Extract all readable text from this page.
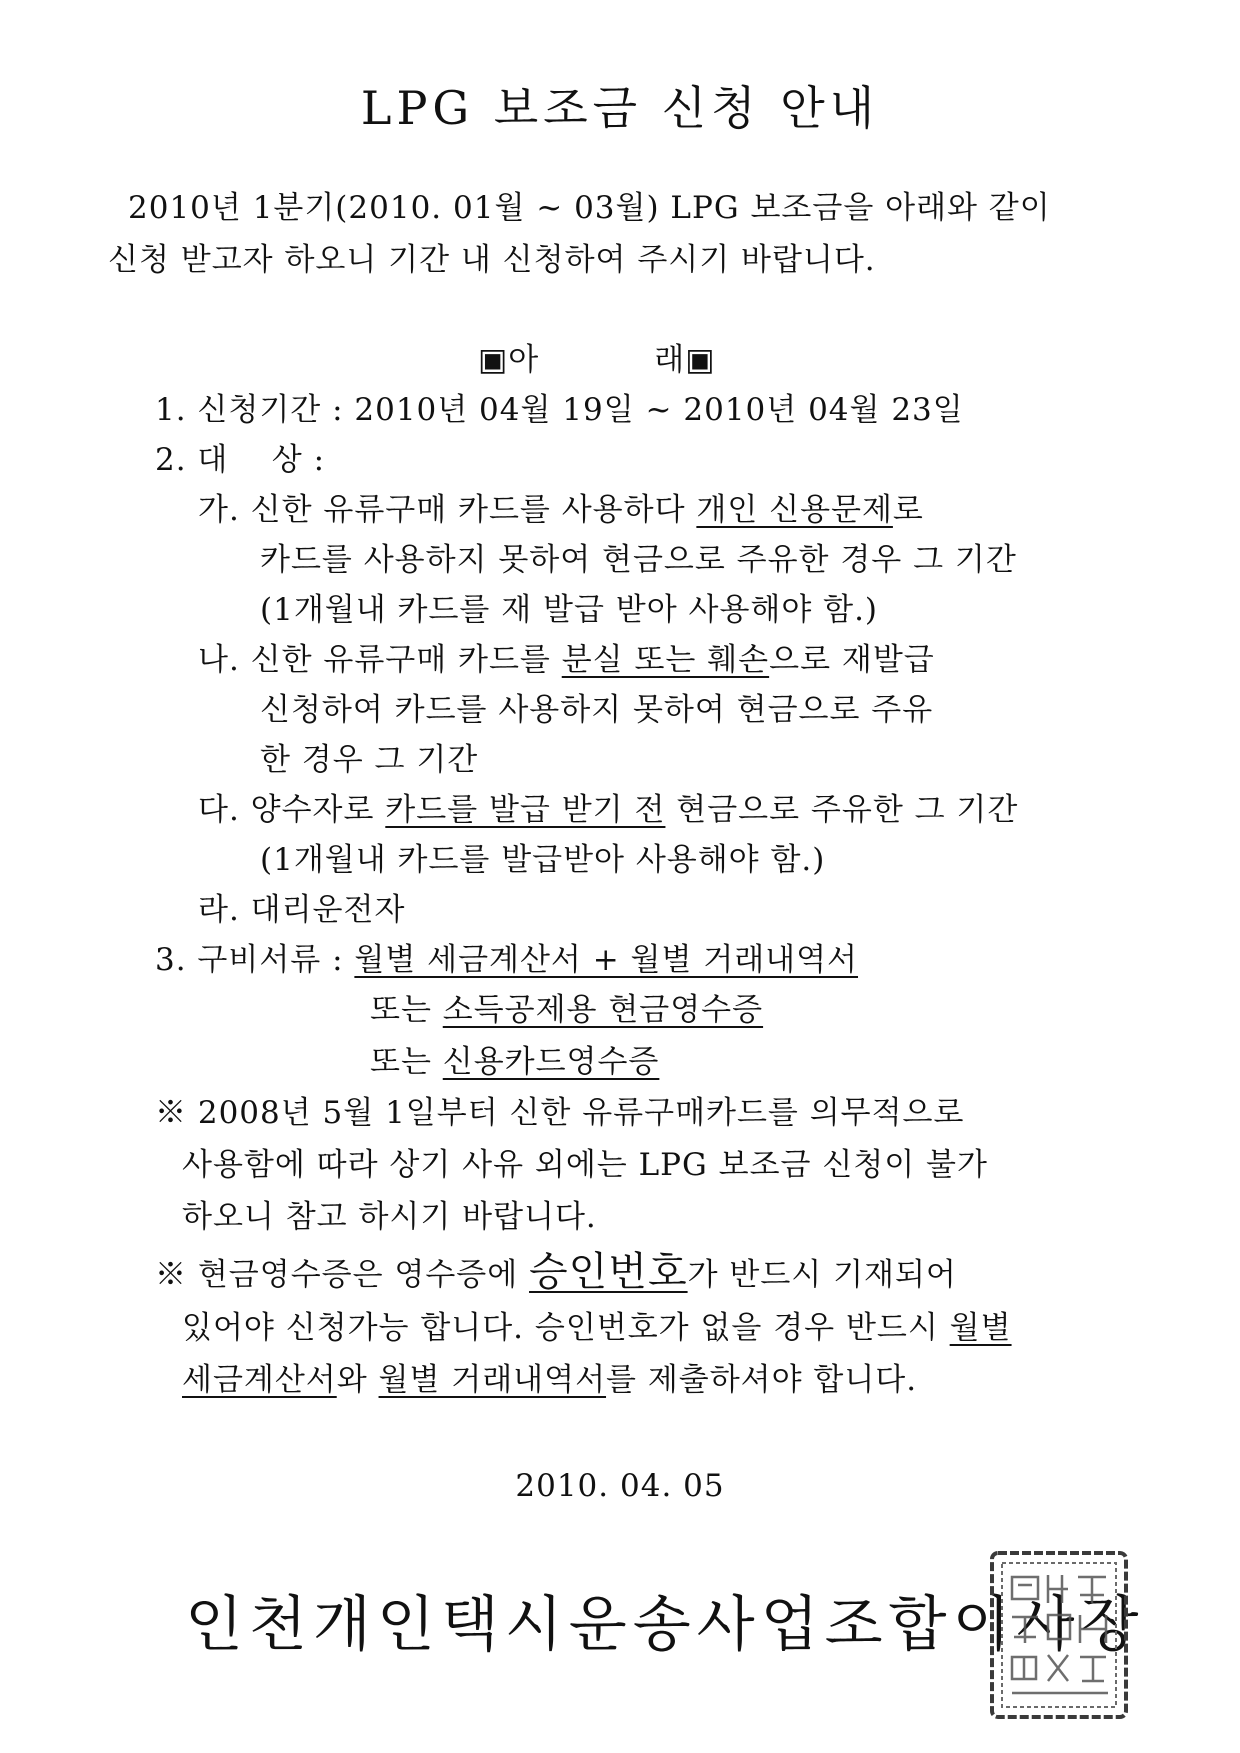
LPG 보조금 신청 안내
2010년 1분기(2010. 01월 ~ 03월) LPG 보조금을 아래와 같이
신청 받고자 하오니 기간 내 신청하여 주시기 바랍니다.
▣아	래▣
1. 신청기간 : 2010년 04월 19일 ~ 2010년 04월 23일
2. 대    상 :
가. 신한 유류구매 카드를 사용하다 개인 신용문제로
카드를 사용하지 못하여 현금으로 주유한 경우 그 기간
(1개월내 카드를 재 발급 받아 사용해야 함.)
나. 신한 유류구매 카드를 분실 또는 훼손으로 재발급
신청하여 카드를 사용하지 못하여 현금으로 주유
한 경우 그 기간
다. 양수자로 카드를 발급 받기 전 현금으로 주유한 그 기간
(1개월내 카드를 발급받아 사용해야 함.)
라. 대리운전자
3. 구비서류 : 월별 세금계산서 + 월별 거래내역서
또는 소득공제용 현금영수증
또는 신용카드영수증
※ 2008년 5월 1일부터 신한 유류구매카드를 의무적으로
사용함에 따라 상기 사유 외에는 LPG 보조금 신청이 불가
하오니 참고 하시기 바랍니다.
※ 현금영수증은 영수증에 승인번호가 반드시 기재되어
있어야 신청가능 합니다. 승인번호가 없을 경우 반드시 월별
세금계산서와 월별 거래내역서를 제출하셔야 합니다.
2010. 04. 05
인천개인택시운송사업조합이사장
